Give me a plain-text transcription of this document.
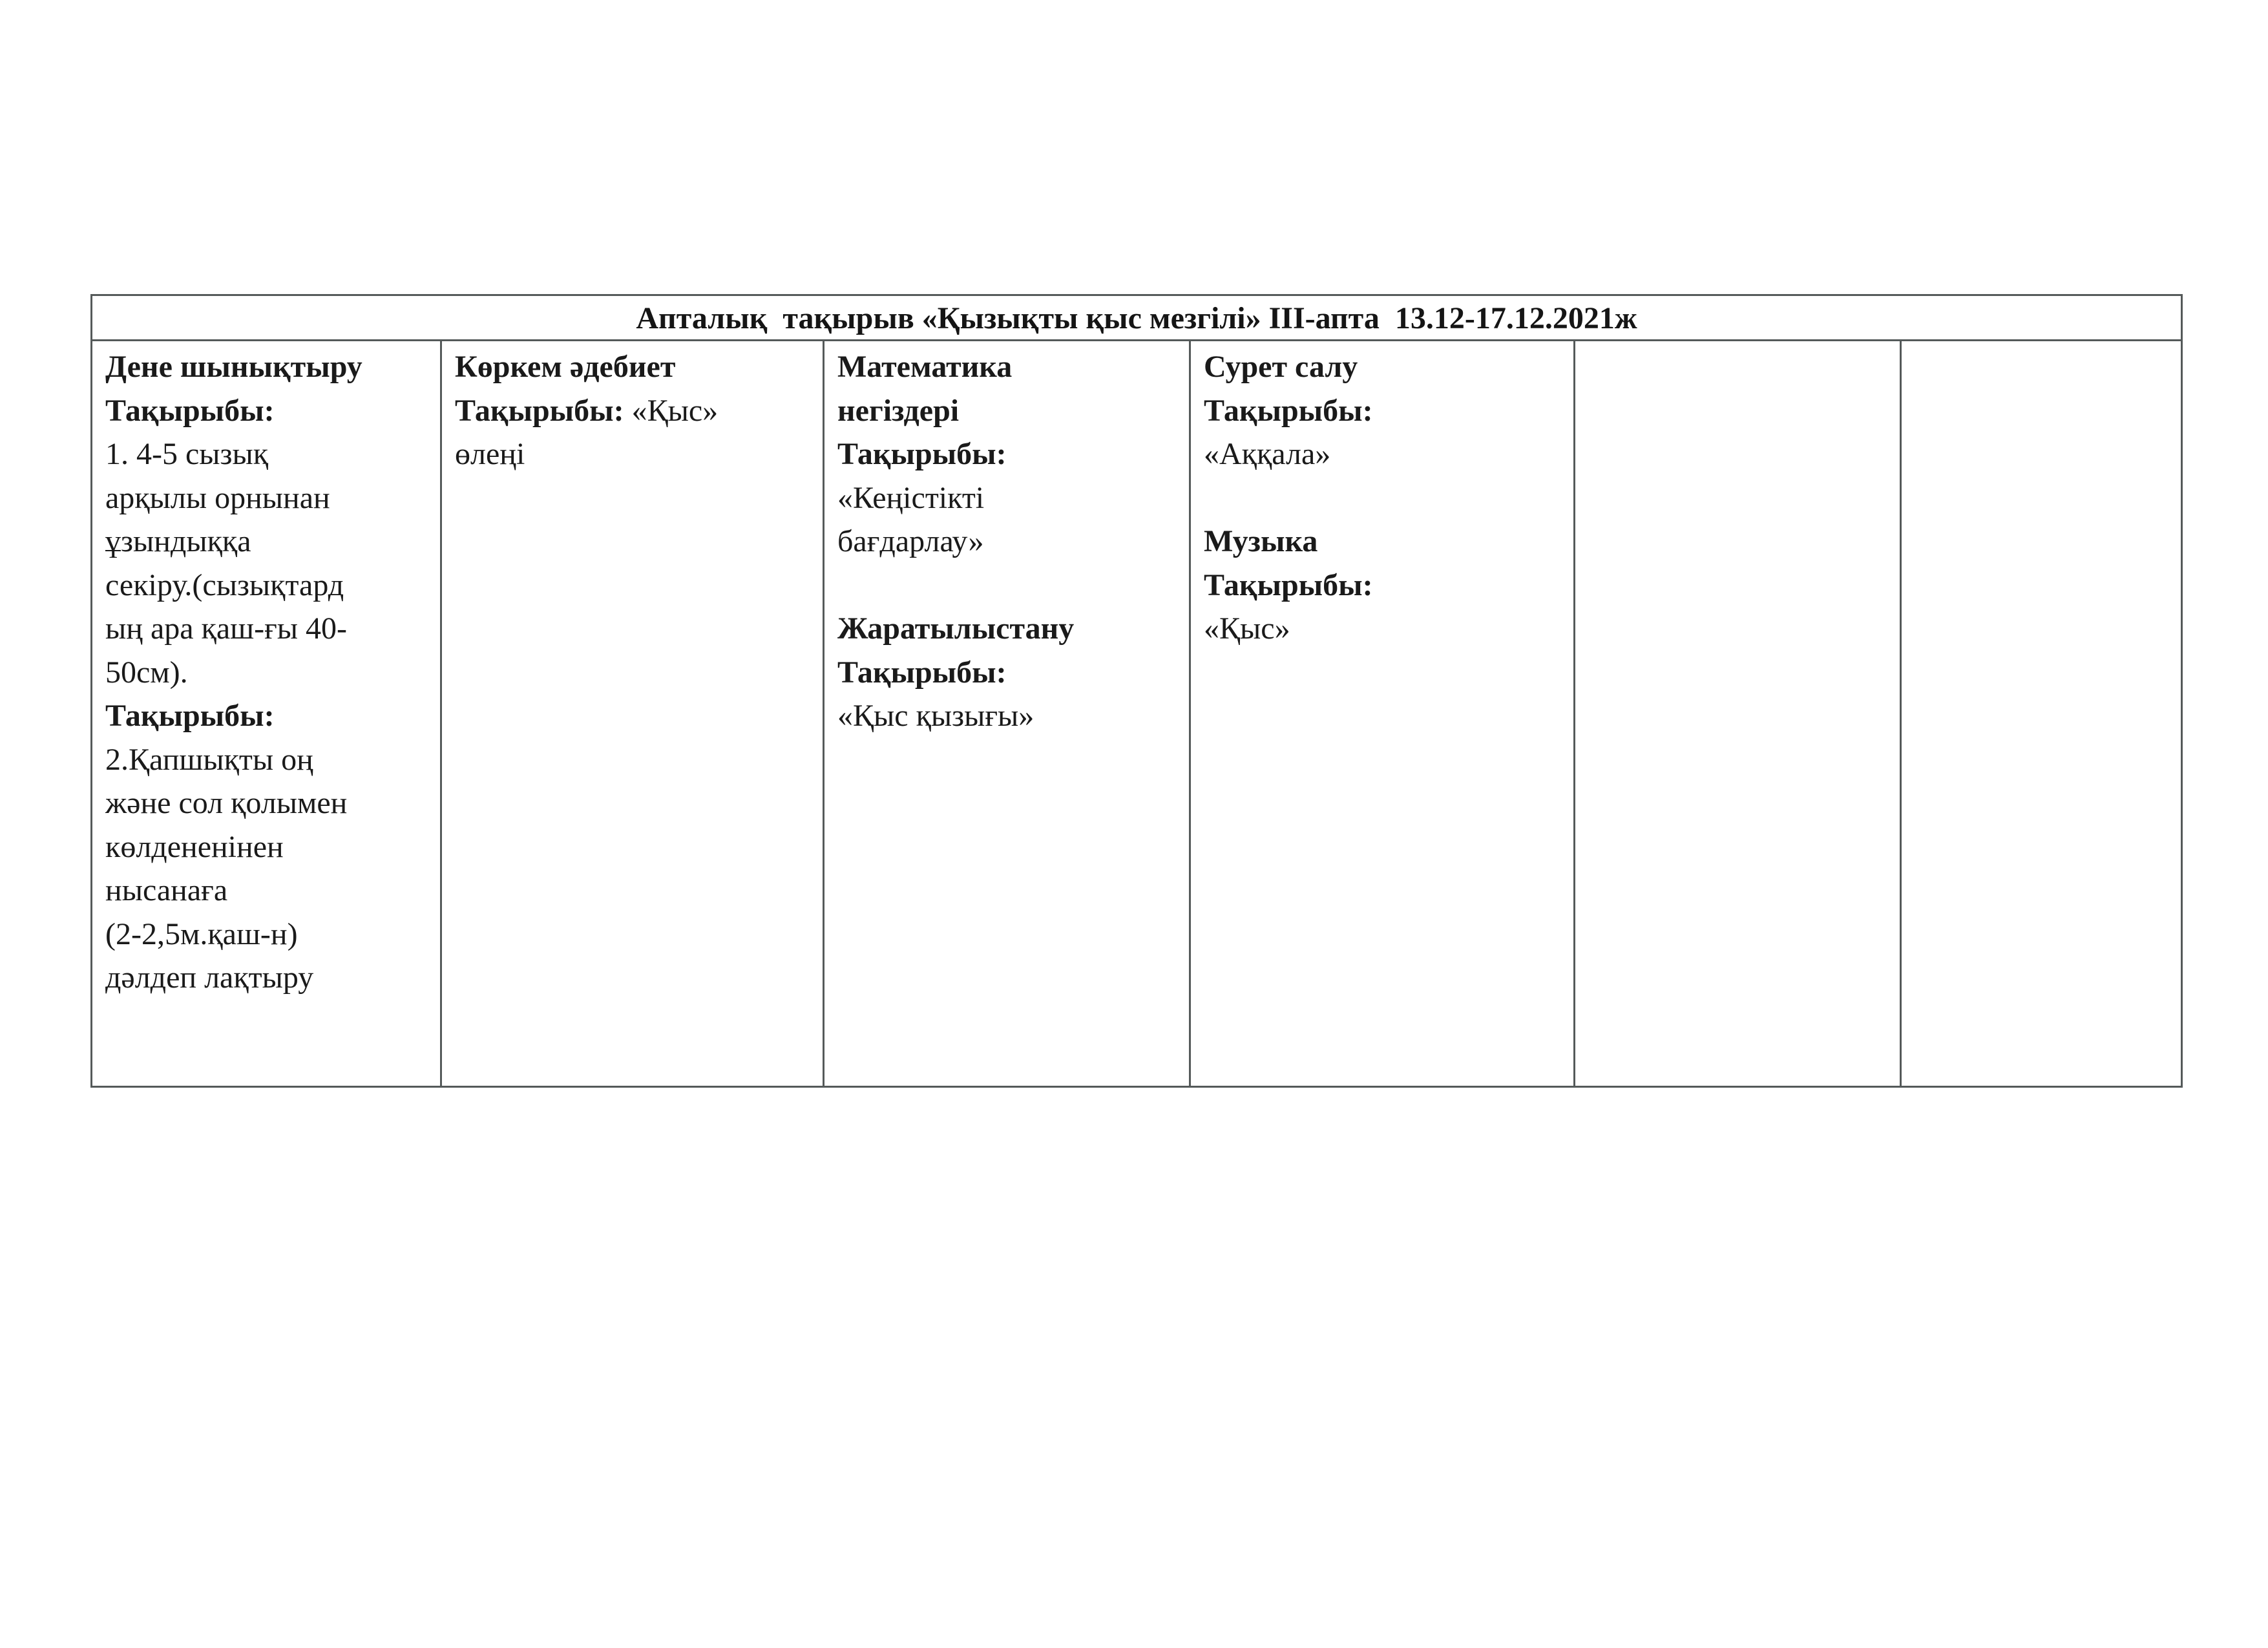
Апталық  тақырыв «Қызықты қыс мезгілі» ІІІ-апта  13.12-17.12.2021ж
Дене шынықтыру
Тақырыбы:
1. 4-5 сызық
арқылы орнынан
ұзындыққа
секіру.(сызықтард
ың ара қаш-ғы 40-
50см).
Тақырыбы:
2.Қапшықты оң
және сол қолымен
көлдененінен
нысанаға
(2-2,5м.қаш-н)
дәлдеп лақтыру
Көркем әдебиет
Тақырыбы: «Қыс»
өлеңі
Математика
негіздері
Тақырыбы:
«Кеңістікті
бағдарлау»
Жаратылыстану
Тақырыбы:
«Қыс қызығы»
Сурет салу
Тақырыбы:
«Аққала»
Музыка
Тақырыбы:
«Қыс»
